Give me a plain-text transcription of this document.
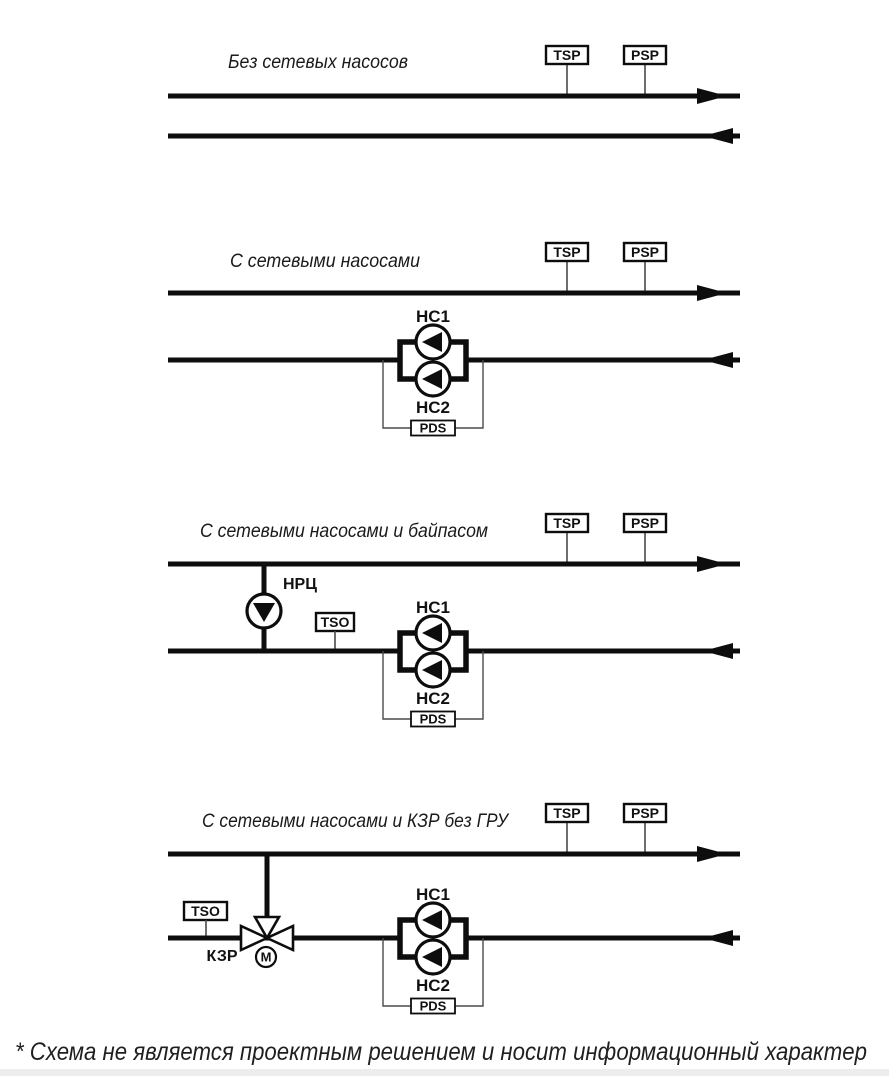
Без сетевых насосов	TSP	PSP
С сетевыми насосами	TSP	PSP
НС1
НС2
PDS
С сетевыми насосами и байпасом	TSP	PSP
НРЦ
TSO
НС1
НС2
PDS
С сетевыми насосами и КЗР без ГРУ	TSP	PSP
TSO
М
КЗР
НС1
НС2
PDS
* Схема не является проектным решением и носит информационный характер
